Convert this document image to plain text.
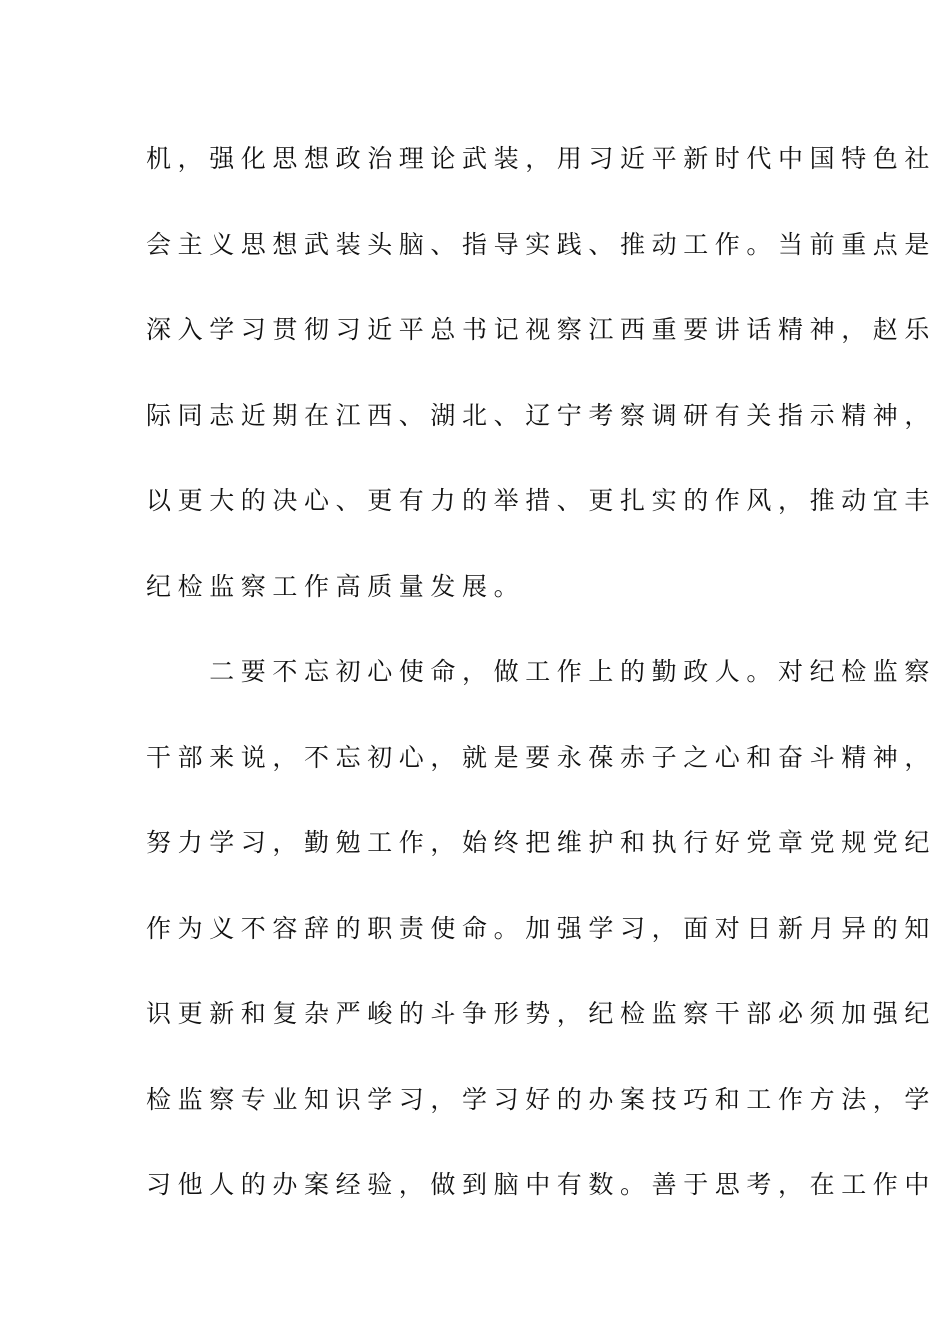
机，强化思想政治理论武装，用习近平新时代中国特色社
会主义思想武装头脑、指导实践、推动工作。当前重点是
深入学习贯彻习近平总书记视察江西重要讲话精神，赵乐
际同志近期在江西、湖北、辽宁考察调研有关指示精神，
以更大的决心、更有力的举措、更扎实的作风，推动宜丰
纪检监察工作高质量发展。
　　二要不忘初心使命，做工作上的勤政人。对纪检监察
干部来说，不忘初心，就是要永葆赤子之心和奋斗精神，
努力学习，勤勉工作，始终把维护和执行好党章党规党纪
作为义不容辞的职责使命。加强学习，面对日新月异的知
识更新和复杂严峻的斗争形势，纪检监察干部必须加强纪
检监察专业知识学习，学习好的办案技巧和工作方法，学
习他人的办案经验，做到脑中有数。善于思考，在工作中
